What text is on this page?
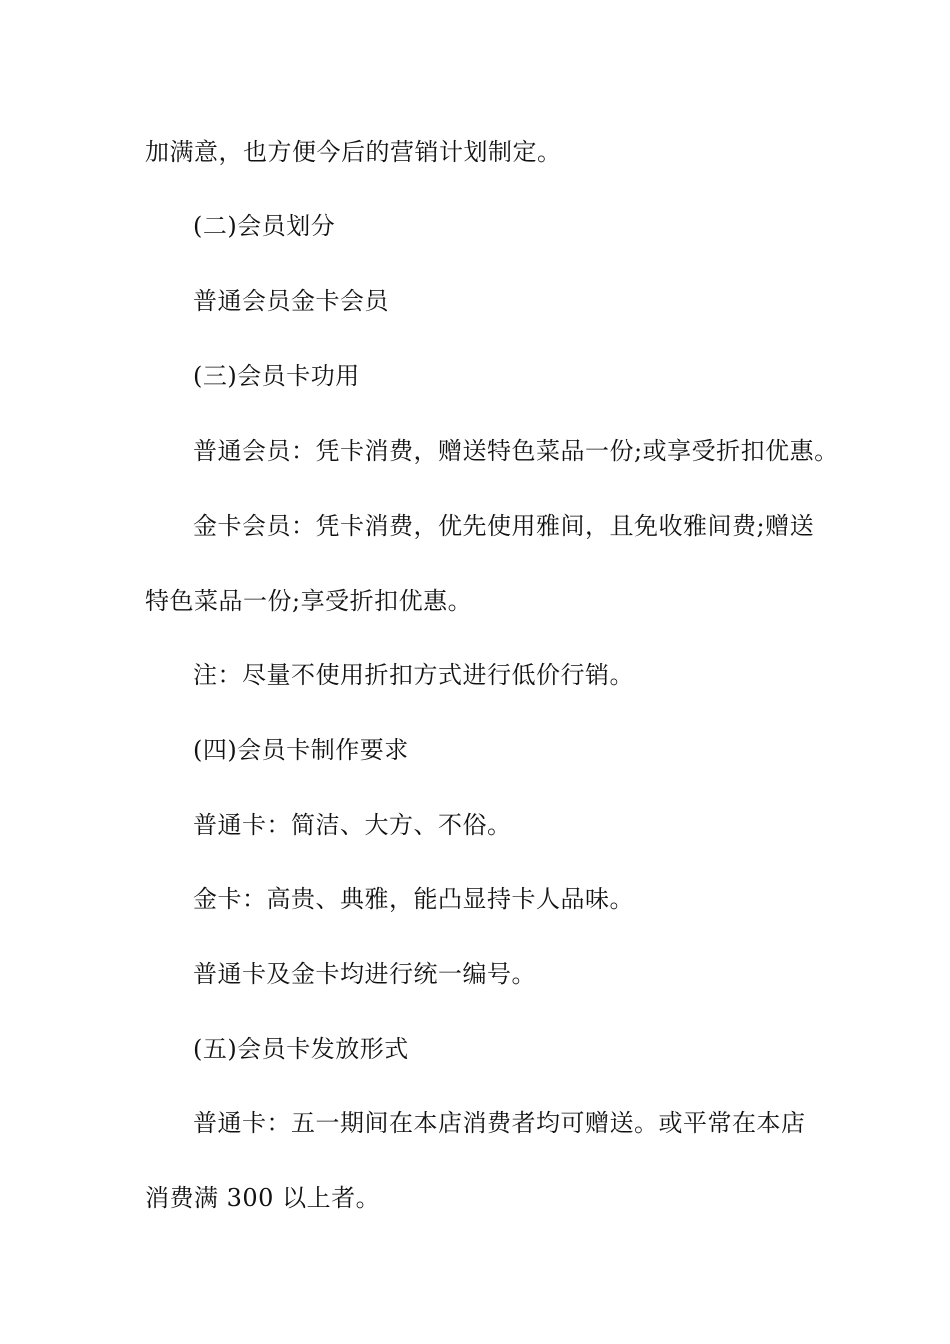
加满意，也方便今后的营销计划制定。
(二)会员划分
普通会员金卡会员
(三)会员卡功用
普通会员：凭卡消费，赠送特色菜品一份;或享受折扣优惠。
金卡会员：凭卡消费，优先使用雅间，且免收雅间费;赠送
特色菜品一份;享受折扣优惠。
注：尽量不使用折扣方式进行低价行销。
(四)会员卡制作要求
普通卡：简洁、大方、不俗。
金卡：高贵、典雅，能凸显持卡人品味。
普通卡及金卡均进行统一编号。
(五)会员卡发放形式
普通卡：五一期间在本店消费者均可赠送。或平常在本店
消费满 300 以上者。
